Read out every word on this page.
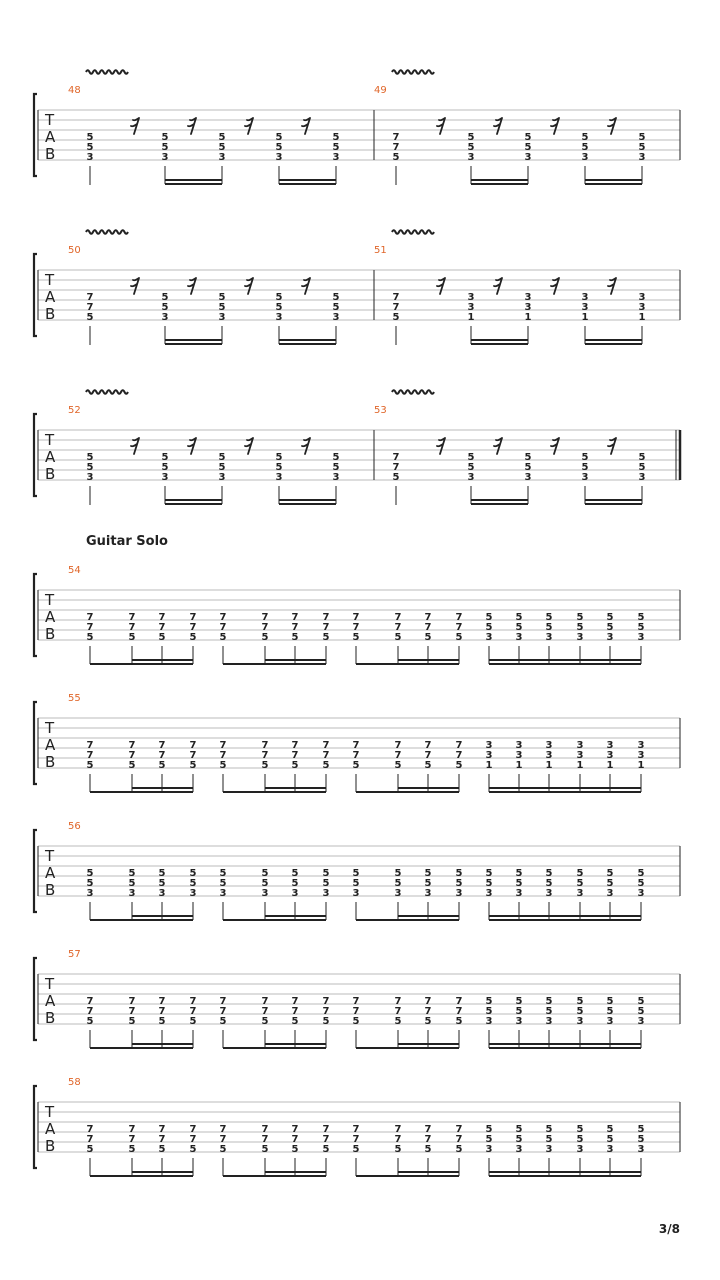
T
A
B
48
5
5
3
5
5
3
5
5
3
5
5
3
5
5
3
49
7
7
5
5
5
3
5
5
3
5
5
3
5
5
3
T
A
B
50
7
7
5
5
5
3
5
5
3
5
5
3
5
5
3
51
7
7
5
3
3
1
3
3
1
3
3
1
3
3
1
T
A
B
52
5
5
3
5
5
3
5
5
3
5
5
3
5
5
3
53
7
7
5
5
5
3
5
5
3
5
5
3
5
5
3
T
A
B
54
7
7
5
7
7
5
7
7
5
7
7
5
7
7
5
7
7
5
7
7
5
7
7
5
7
7
5
7
7
5
7
7
5
7
7
5
5
5
3
5
5
3
5
5
3
5
5
3
5
5
3
5
5
3
T
A
B
55
7
7
5
7
7
5
7
7
5
7
7
5
7
7
5
7
7
5
7
7
5
7
7
5
7
7
5
7
7
5
7
7
5
7
7
5
3
3
1
3
3
1
3
3
1
3
3
1
3
3
1
3
3
1
T
A
B
56
5
5
3
5
5
3
5
5
3
5
5
3
5
5
3
5
5
3
5
5
3
5
5
3
5
5
3
5
5
3
5
5
3
5
5
3
5
5
3
5
5
3
5
5
3
5
5
3
5
5
3
5
5
3
T
A
B
57
7
7
5
7
7
5
7
7
5
7
7
5
7
7
5
7
7
5
7
7
5
7
7
5
7
7
5
7
7
5
7
7
5
7
7
5
5
5
3
5
5
3
5
5
3
5
5
3
5
5
3
5
5
3
T
A
B
58
7
7
5
7
7
5
7
7
5
7
7
5
7
7
5
7
7
5
7
7
5
7
7
5
7
7
5
7
7
5
7
7
5
7
7
5
5
5
3
5
5
3
5
5
3
5
5
3
5
5
3
5
5
3
Guitar Solo
3/8
